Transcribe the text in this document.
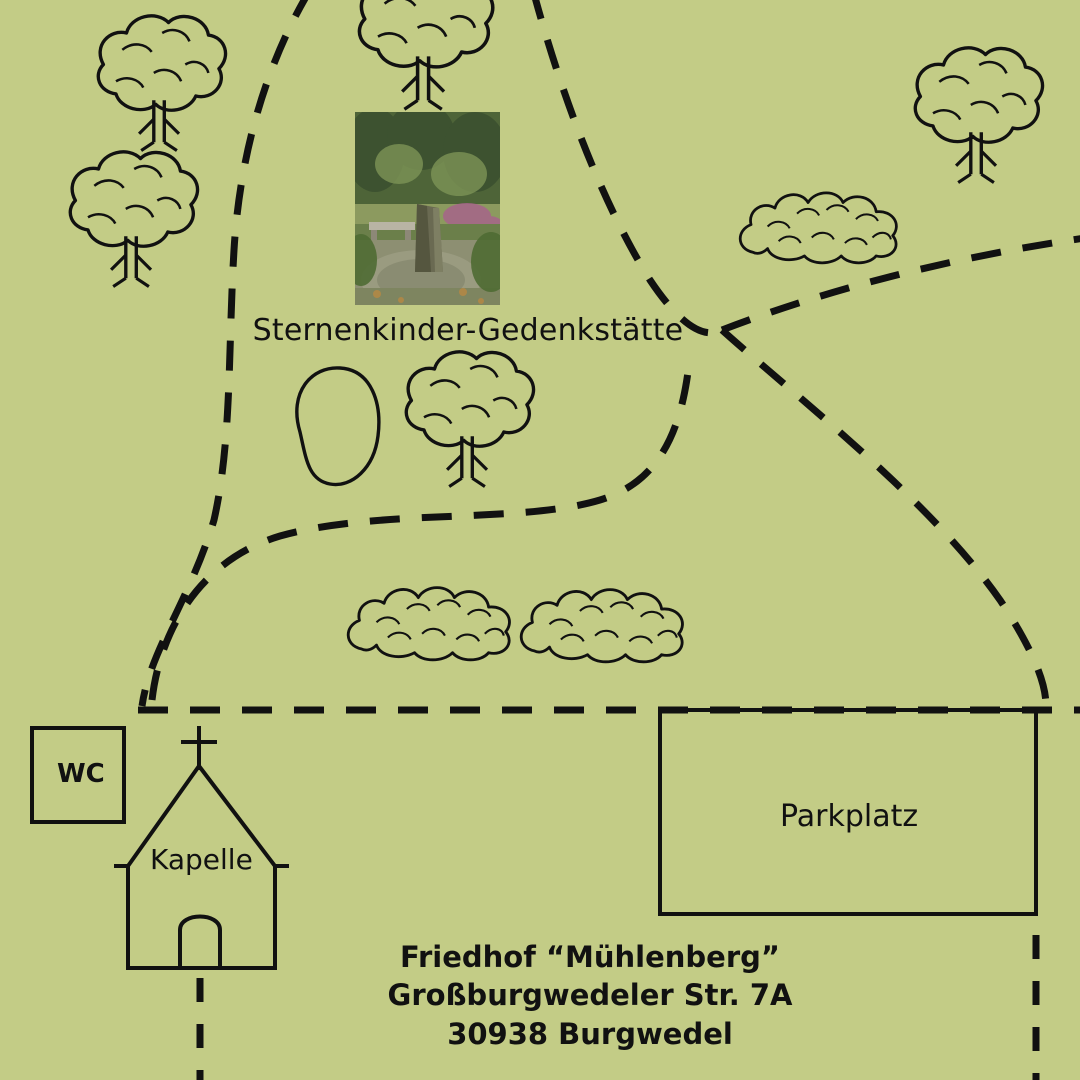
Sternenkinder-Gedenkstätte
WC
Kapelle
Parkplatz
Friedhof “Mühlenberg”
Großburgwedeler Str. 7A
30938 Burgwedel
